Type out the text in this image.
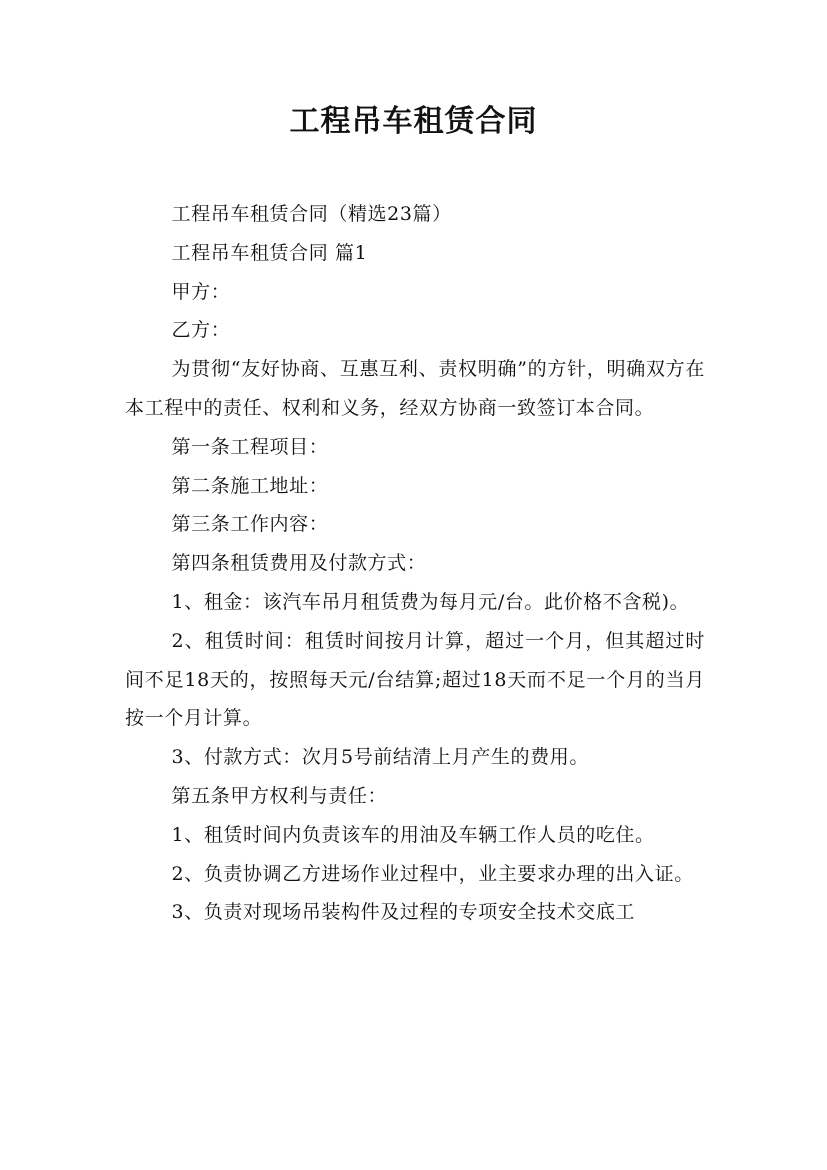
工程吊车租赁合同

工程吊车租赁合同（精选23篇）

工程吊车租赁合同 篇1

甲方：

乙方：

为贯彻“友好协商、互惠互利、责权明确”的方针，明确双方在本工程中的责任、权利和义务，经双方协商一致签订本合同。

第一条工程项目：

第二条施工地址：

第三条工作内容：

第四条租赁费用及付款方式：

1、租金：该汽车吊月租赁费为每月元/台。此价格不含税)。

2、租赁时间：租赁时间按月计算，超过一个月，但其超过时间不足18天的，按照每天元/台结算;超过18天而不足一个月的当月按一个月计算。

3、付款方式：次月5号前结清上月产生的费用。

第五条甲方权利与责任：

1、租赁时间内负责该车的用油及车辆工作人员的吃住。

2、负责协调乙方进场作业过程中，业主要求办理的出入证。

3、负责对现场吊装构件及过程的专项安全技术交底工
